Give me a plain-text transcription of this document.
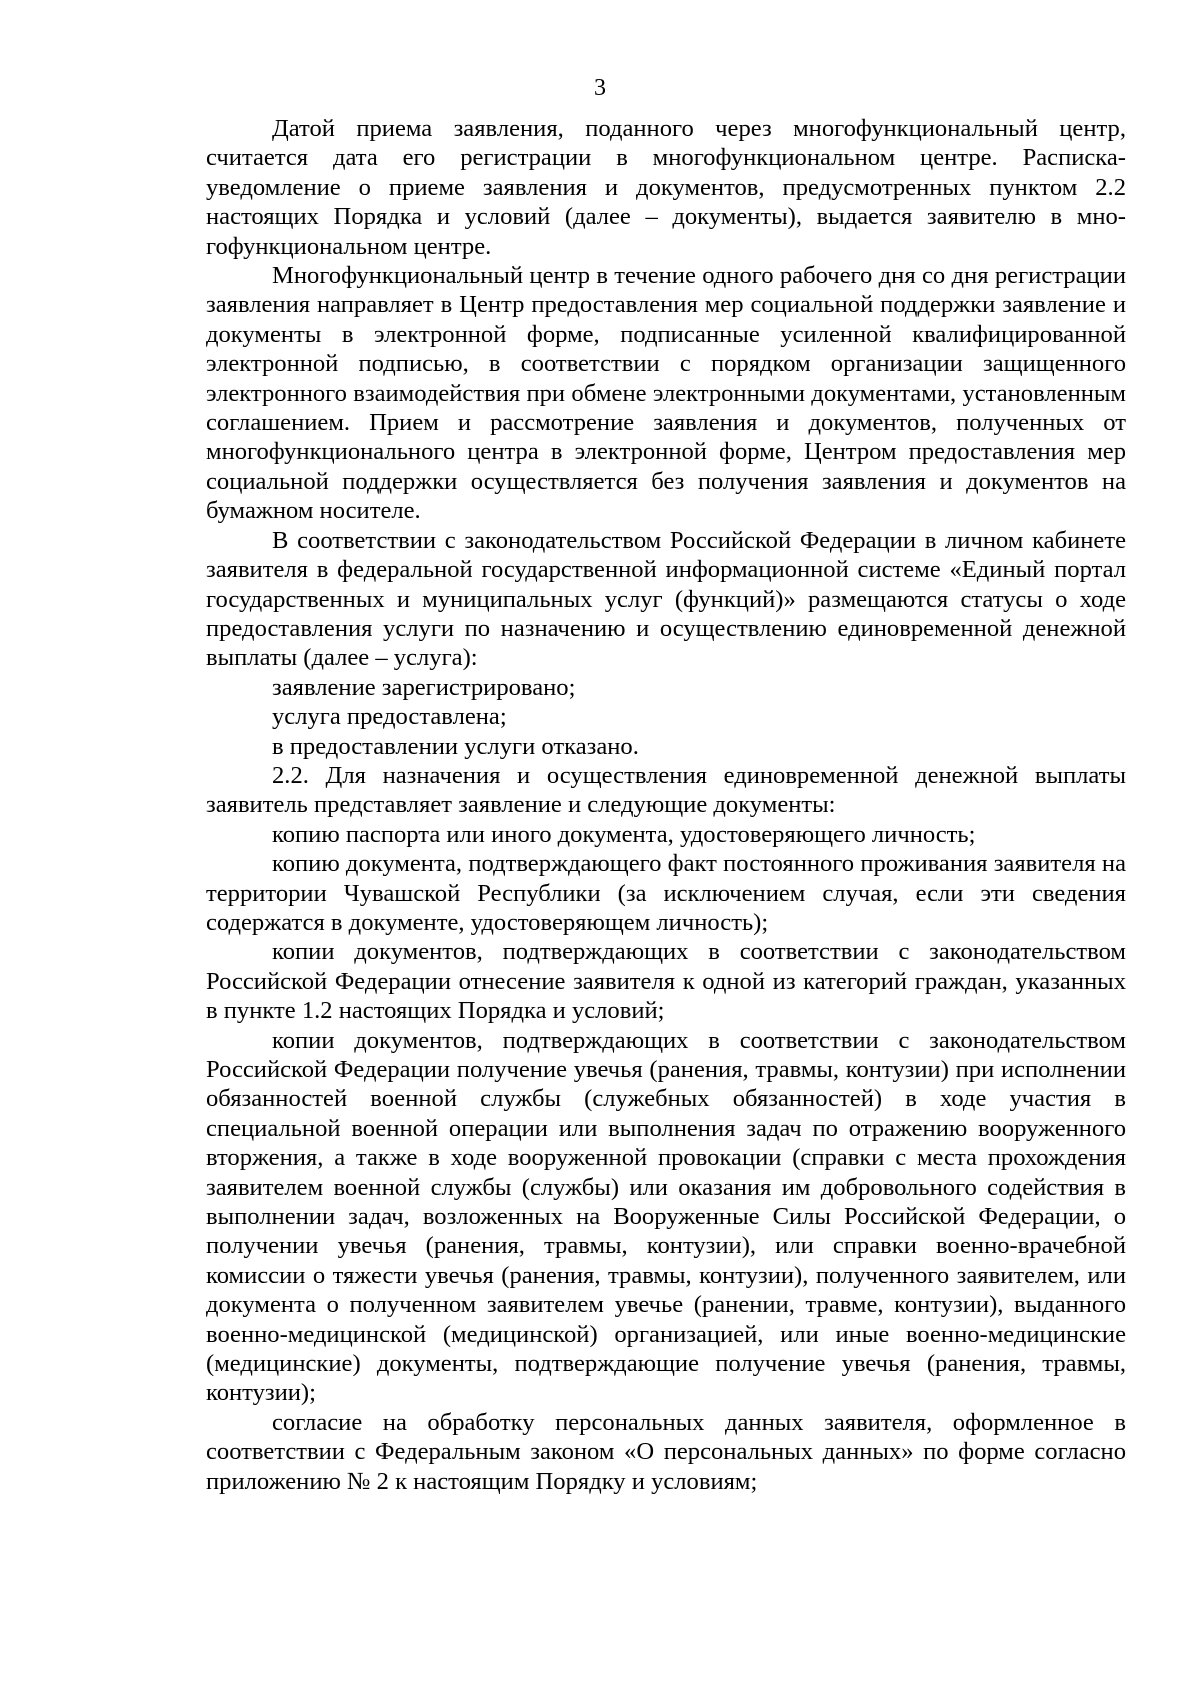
3

Датой приема заявления, поданного через многофункциональный центр, считается дата его регистрации в многофункциональном центре. Расписка-уведомление о приеме заявления и документов, предусмотренных пунктом 2.2 настоящих Порядка и условий (далее – документы), выдается заявителю в многофункциональном центре.

Многофункциональный центр в течение одного рабочего дня со дня регистрации заявления направляет в Центр предоставления мер социальной поддержки заявление и документы в электронной форме, подписанные усиленной квалифицированной электронной подписью, в соответствии с порядком организации защищенного электронного взаимодействия при обмене электронными документами, установленным соглашением. Прием и рассмотрение заявления и документов, полученных от многофункционального центра в электронной форме, Центром предоставления мер социальной поддержки осуществляется без получения заявления и документов на бумажном носителе.

В соответствии с законодательством Российской Федерации в личном кабинете заявителя в федеральной государственной информационной системе «Единый портал государственных и муниципальных услуг (функций)» размещаются статусы о ходе предоставления услуги по назначению и осуществлению единовременной денежной выплаты (далее – услуга):

заявление зарегистрировано;

услуга предоставлена;

в предоставлении услуги отказано.

2.2. Для назначения и осуществления единовременной денежной выплаты заявитель представляет заявление и следующие документы:

копию паспорта или иного документа, удостоверяющего личность;

копию документа, подтверждающего факт постоянного проживания заявителя на территории Чувашской Республики (за исключением случая, если эти сведения содержатся в документе, удостоверяющем личность);

копии документов, подтверждающих в соответствии с законодательством Российской Федерации отнесение заявителя к одной из категорий граждан, указанных в пункте 1.2 настоящих Порядка и условий;

копии документов, подтверждающих в соответствии с законодательством Российской Федерации получение увечья (ранения, травмы, контузии) при исполнении обязанностей военной службы (служебных обязанностей) в ходе участия в специальной военной операции или выполнения задач по отражению вооруженного вторжения, а также в ходе вооруженной провокации (справки с места прохождения заявителем военной службы (службы) или оказания им добровольного содействия в выполнении задач, возложенных на Вооруженные Силы Российской Федерации, о получении увечья (ранения, травмы, контузии), или справки военно-врачебной комиссии о тяжести увечья (ранения, травмы, контузии), полученного заявителем, или документа о полученном заявителем увечье (ранении, травме, контузии), выданного военно-медицинской (медицинской) организацией, или иные военно-медицинские (медицинские) документы, подтверждающие получение увечья (ранения, травмы, контузии);

согласие на обработку персональных данных заявителя, оформленное в соответствии с Федеральным законом «О персональных данных» по форме согласно приложению № 2 к настоящим Порядку и условиям;
